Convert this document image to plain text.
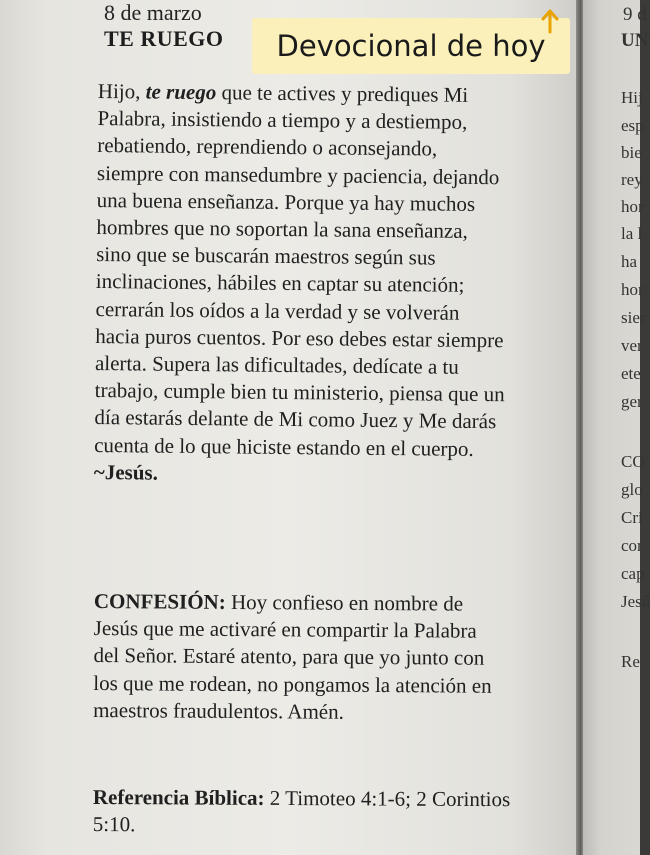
8 de marzo
TE RUEGO Devocional de hoy

Hijo, te ruego que te actives y prediques Mi Palabra, insistiendo a tiempo y a destiempo, rebatiendo, reprendiendo o aconsejando, siempre con mansedumbre y paciencia, dejando una buena enseñanza. Porque ya hay muchos hombres que no soportan la sana enseñanza, sino que se buscarán maestros según sus inclinaciones, hábiles en captar su atención; cerrarán los oídos a la verdad y se volverán hacia puros cuentos. Por eso debes estar siempre alerta. Supera las dificultades, dedícate a tu trabajo, cumple bien tu ministerio, piensa que un día estarás delante de Mi como Juez y Me darás cuenta de lo que hiciste estando en el cuerpo. ~Jesús.

CONFESIÓN: Hoy confieso en nombre de Jesús que me activaré en compartir la Palabra del Señor. Estaré atento, para que yo junto con los que me rodean, no pongamos la atención en maestros fraudulentos. Amén.
Referencia Bíblica: 2 Timoteo 4:1-6; 2 Corintios 5:10.
9 d
UN
Hij
esp
bie
rey
hor
la l
ha
hor
sier
ver
ete
ger
CO
glo
Cri
cor
cap
Jesú
Re
